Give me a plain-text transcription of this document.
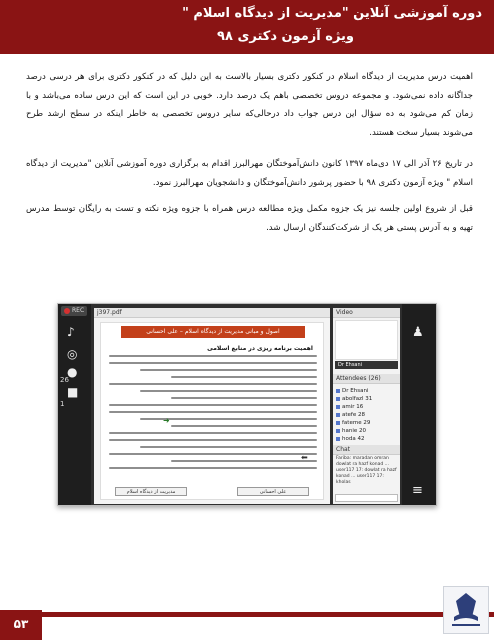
دوره آموزشی آنلاین "مدیریت از دیدگاه اسلام "
ویژه آزمون دکتری ۹۸
اهمیت درس مدیریت از دیدگاه اسلام در کنکور دکتری بسیار بالاست به این دلیل که در کنکور دکتری برای هر درسی درصد جداگانه داده نمی‌شود. و مجموعه دروس تخصصی باهم یک درصد دارد. خوبی در این است که این درس ساده می‌باشد و با زمان کم می‌شود به ده سؤال این درس جواب داد درحالی‌که سایر دروس تخصصی به خاطر اینکه در سطح ارشد طرح می‌شوند بسیار سخت هستند.
در تاریخ ۲۶ آذر الی ۱۷ دی‌ماه ۱۳۹۷ کانون دانش‌آموختگان مهرالبرز اقدام به برگزاری دوره آموزشی آنلاین "مدیریت از دیدگاه اسلام " ویژه آزمون دکتری ۹۸ با حضور پرشور دانش‌آموختگان و دانشجویان مهرالبرز نمود.
قبل از شروع اولین جلسه نیز یک جزوه مکمل ویژه مطالعه درس همراه با جزوه ویژه نکته و تست به رایگان توسط مدرس تهیه و به آدرس پستی هر یک از شرکت‌کنندگان ارسال شد.
REC
♪
◎
●
26
■
1
j397.pdf
اصول و مبانی مدیریت از دیدگاه اسلام – علی احسانی
اهمیت برنامه ریزی در منابع اسلامی
➜
⬅
علی احسانی
مدیریت از دیدگاه اسلام
Video
Dr Ehsani
Attendees (26)
Dr Ehsani
abolfazl 31
amir 16
atefe 28
fateme 29
hanie 20
hoda 42
Chat
Fariba: maradan omran dowlat ra hazf konad ... user117 17: dowlat ra hazf konad ... user117 17: kholas
♟
≡
۵۳
